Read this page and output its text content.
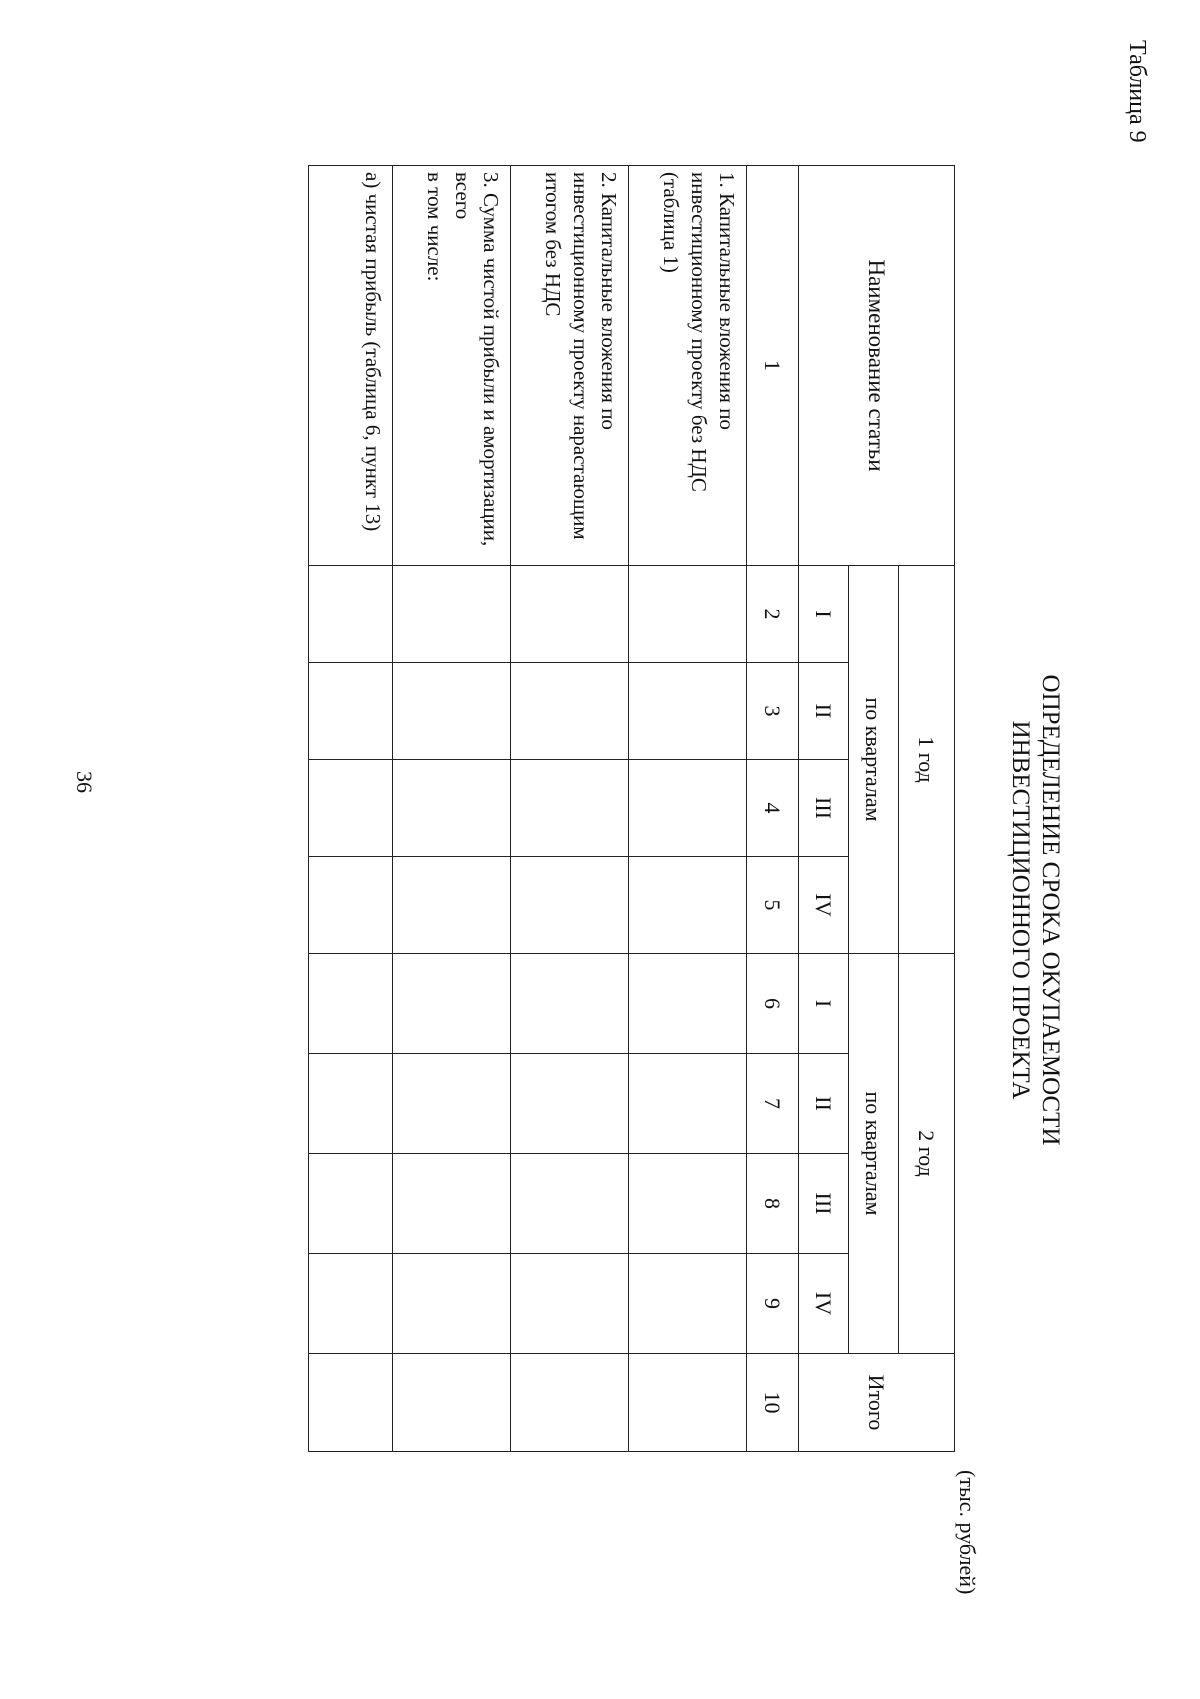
36
Таблица 9
ОПРЕДЕЛЕНИЕ СРОКА ОКУПАЕМОСТИ
ИНВЕСТИЦИОННОГО ПРОЕКТА
(тыс. рублей)
Наименование статьи	1 год				2 год				Итого
	по кварталам				по кварталам				
	I	II	III	IV	I	II	III	IV	
1	2	3	4	5	6	7	8	9	10
1. Капитальные вложения по инвестиционному проекту без НДС (таблица 1)									
2. Капитальные вложения по инвестиционному проекту нарастающим итогом без НДС									

3. Сумма чистой прибыли и амортизации, всего
в том числе:									

а) чистая прибыль (таблица 6, пункт 13)									
